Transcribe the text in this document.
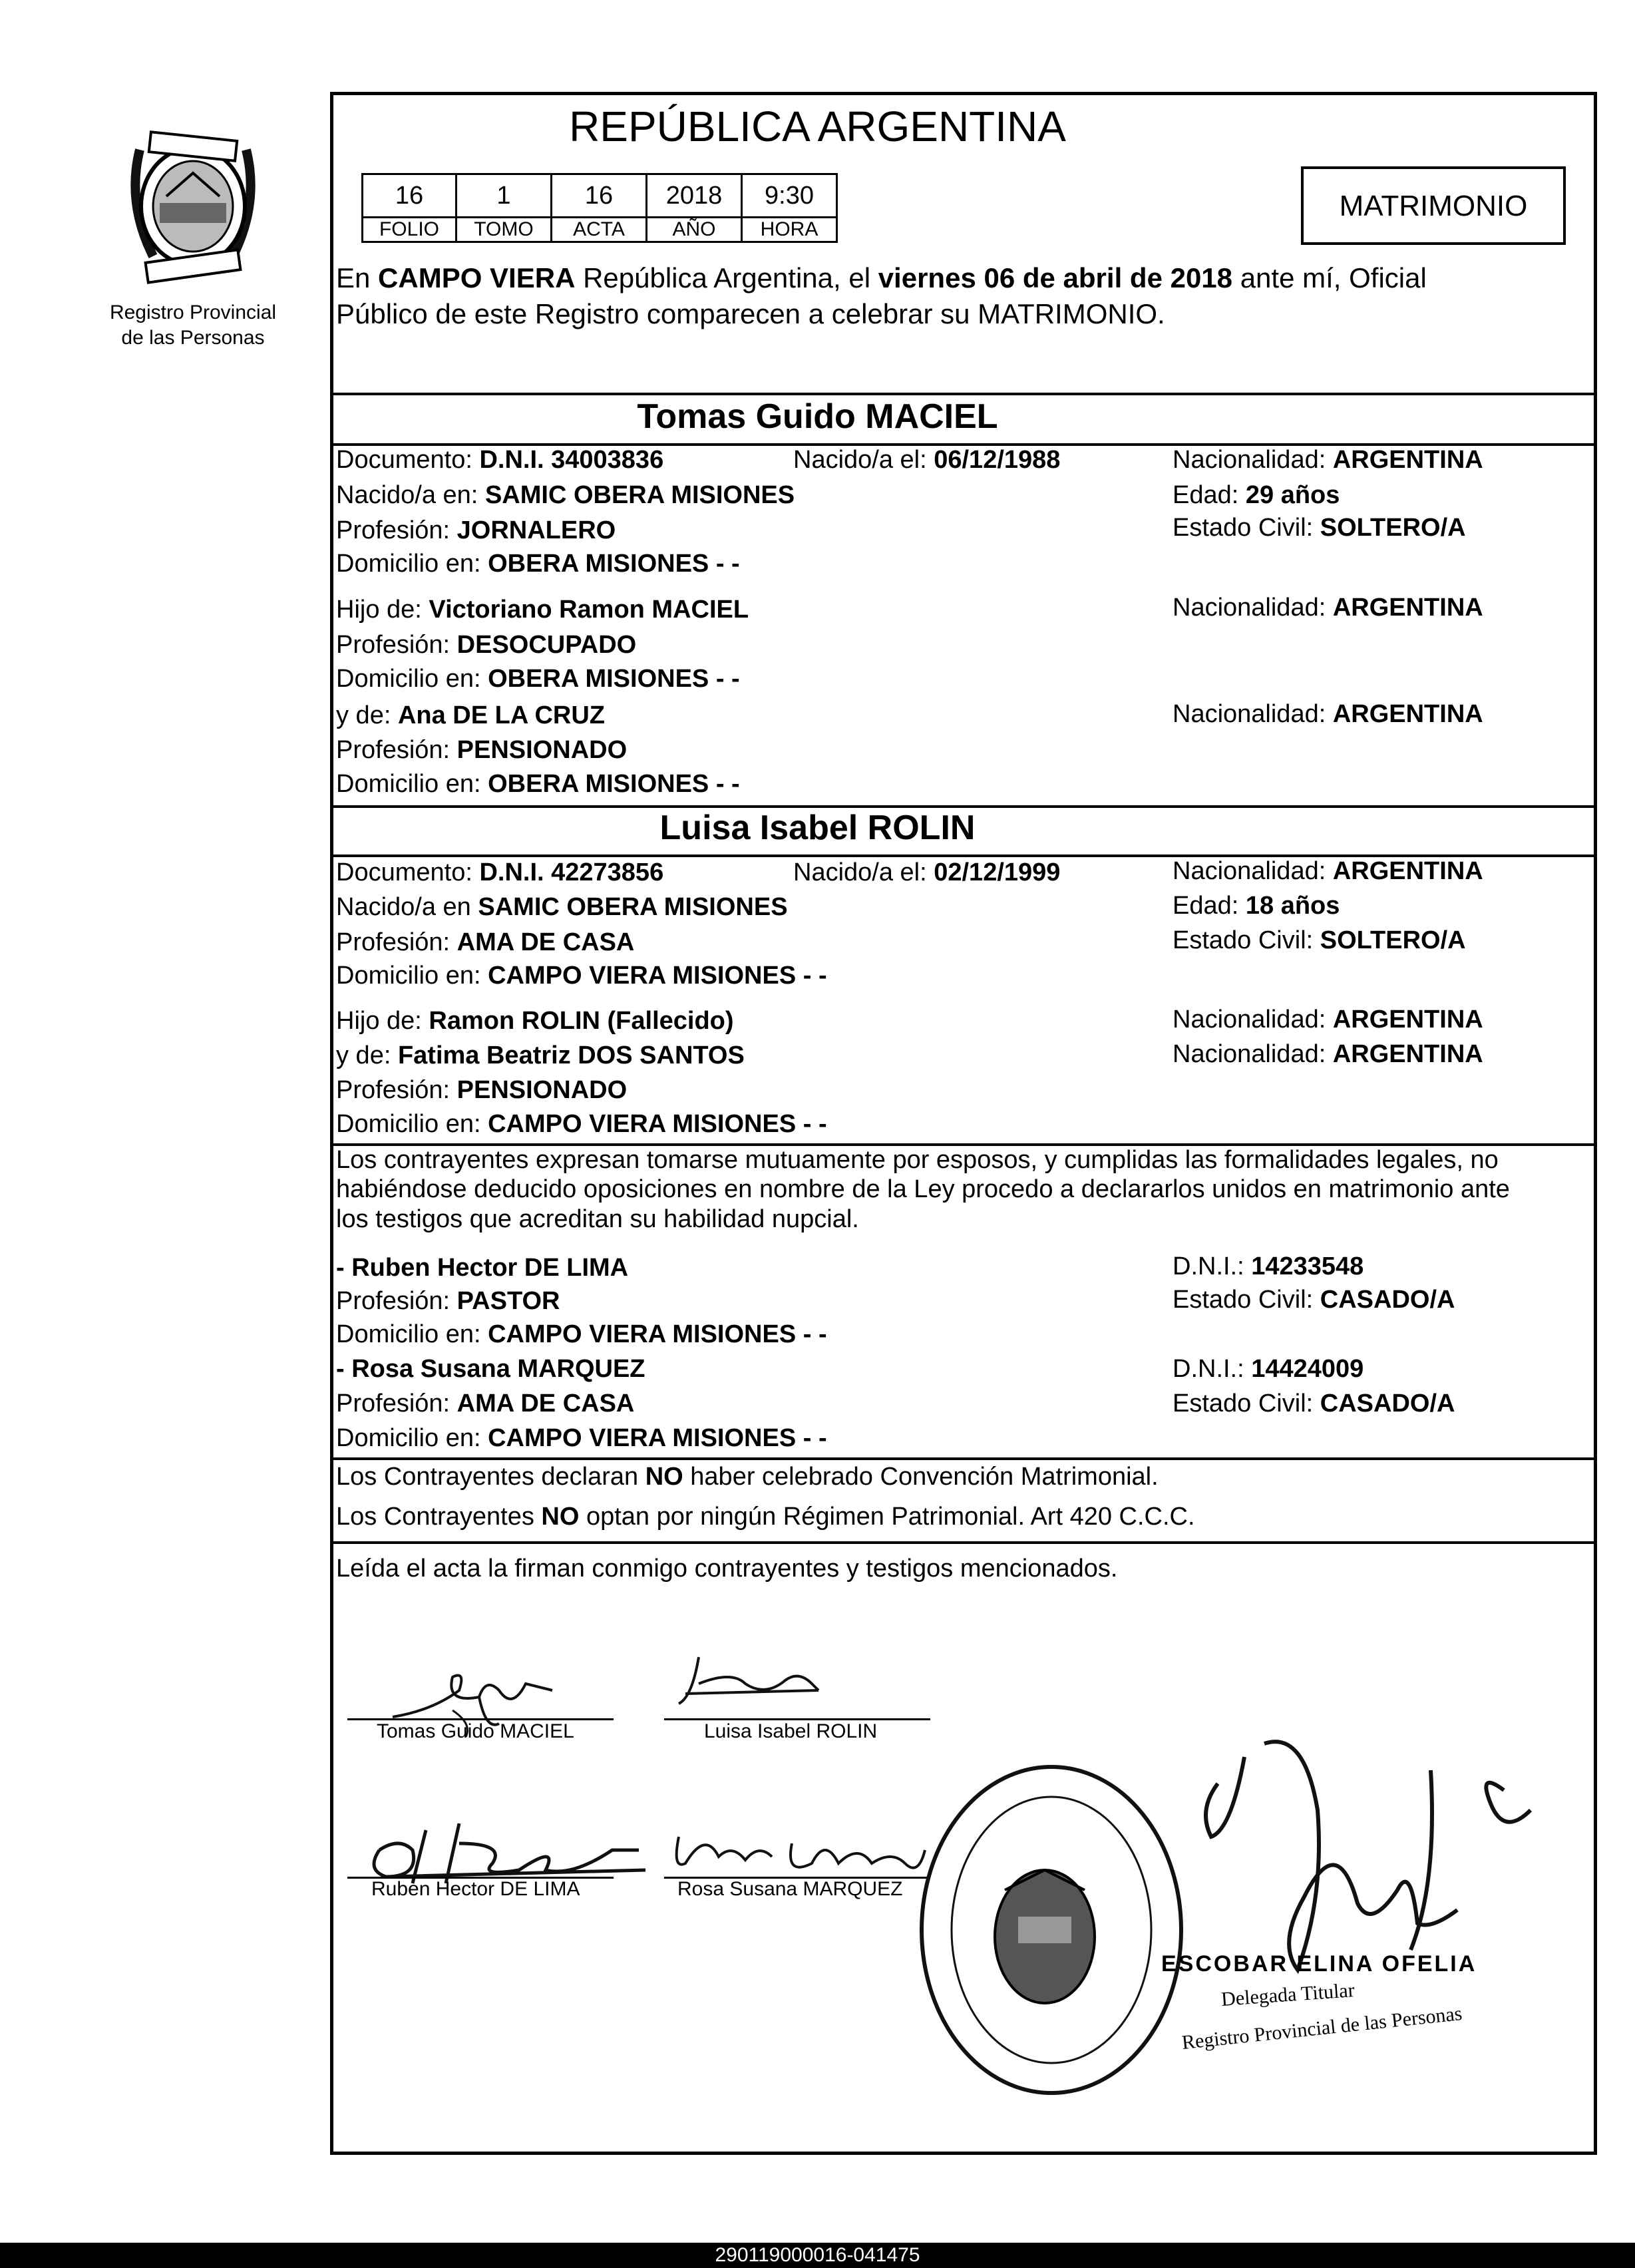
Registro Provincial
de las Personas
REPÚBLICA ARGENTINA
16	1	16	2018	9:30
FOLIO	TOMO	ACTA	AÑO	HORA
MATRIMONIO
En CAMPO VIERA República Argentina, el viernes 06 de abril de 2018 ante mí, Oficial
Público de este Registro comparecen a celebrar su MATRIMONIO.
Tomas Guido MACIEL
Documento: D.N.I. 34003836	Nacido/a el: 06/12/1988	Nacionalidad: ARGENTINA
Nacido/a en: SAMIC OBERA MISIONES	Edad: 29 años
Profesión: JORNALERO	Estado Civil: SOLTERO/A
Domicilio en: OBERA MISIONES - -
Hijo de: Victoriano Ramon MACIEL	Nacionalidad: ARGENTINA
Profesión: DESOCUPADO
Domicilio en: OBERA MISIONES - -
y de: Ana DE LA CRUZ	Nacionalidad: ARGENTINA
Profesión: PENSIONADO
Domicilio en: OBERA MISIONES - -
Luisa Isabel ROLIN
Documento: D.N.I. 42273856	Nacido/a el: 02/12/1999	Nacionalidad: ARGENTINA
Nacido/a en SAMIC OBERA MISIONES	Edad: 18 años
Profesión: AMA DE CASA	Estado Civil: SOLTERO/A
Domicilio en: CAMPO VIERA MISIONES - -
Hijo de: Ramon ROLIN (Fallecido)	Nacionalidad: ARGENTINA
y de: Fatima Beatriz DOS SANTOS	Nacionalidad: ARGENTINA
Profesión: PENSIONADO
Domicilio en: CAMPO VIERA MISIONES - -
Los contrayentes expresan tomarse mutuamente por esposos, y cumplidas las formalidades legales, no
habiéndose deducido oposiciones en nombre de la Ley procedo a declararlos unidos en matrimonio ante
los testigos que acreditan su habilidad nupcial.
- Ruben Hector DE LIMA	D.N.I.: 14233548
Profesión: PASTOR	Estado Civil: CASADO/A
Domicilio en: CAMPO VIERA MISIONES - -
- Rosa Susana MARQUEZ	D.N.I.: 14424009
Profesión: AMA DE CASA	Estado Civil: CASADO/A
Domicilio en: CAMPO VIERA MISIONES - -
Los Contrayentes declaran NO haber celebrado Convención Matrimonial.
Los Contrayentes NO optan por ningún Régimen Patrimonial. Art 420 C.C.C.
Leída el acta la firman conmigo contrayentes y testigos mencionados.
Tomas Guido MACIEL	Luisa Isabel ROLIN
Ruben Hector DE LIMA	Rosa Susana MARQUEZ
ESCOBAR ELINA OFELIA
Delegada Titular
Registro Provincial de las Personas
290119000016-041475
